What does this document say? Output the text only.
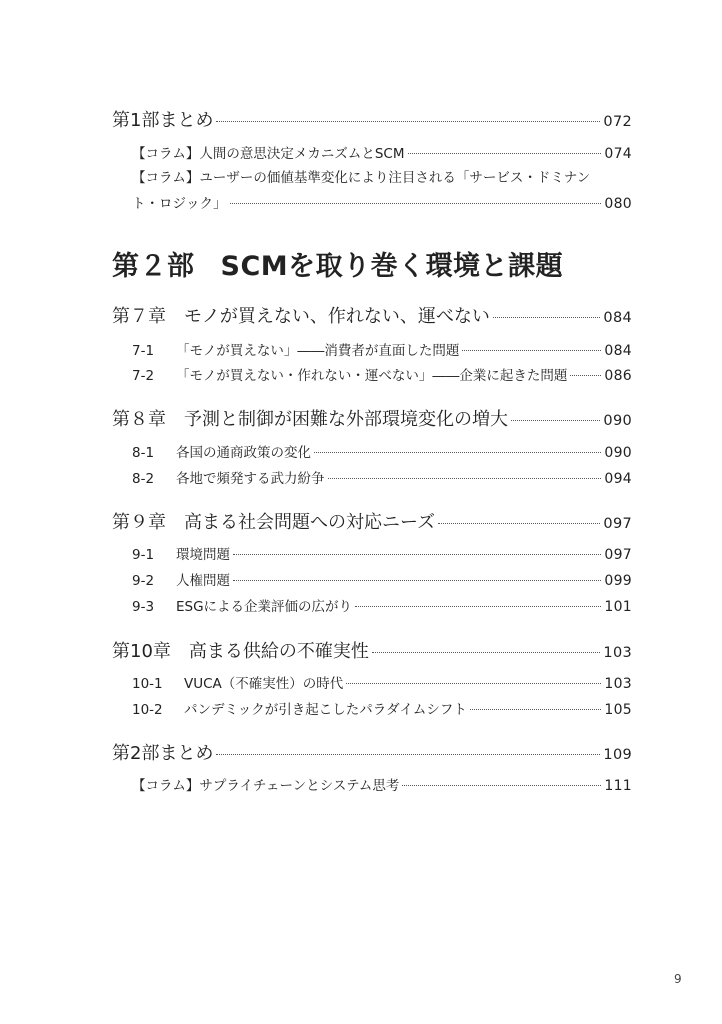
第1部まとめ	072
【コラム】人間の意思決定メカニズムとSCM	074
【コラム】ユーザーの価値基準変化により注目される「サービス・ドミナン
ト・ロジック」	080
第２部 SCMを取り巻く環境と課題
第７章 モノが買えない、作れない、運べない	084
7-1	「モノが買えない」――消費者が直面した問題	084
7-2	「モノが買えない・作れない・運べない」――企業に起きた問題	086
第８章 予測と制御が困難な外部環境変化の増大	090
8-1	各国の通商政策の変化	090
8-2	各地で頻発する武力紛争	094
第９章 高まる社会問題への対応ニーズ	097
9-1	環境問題	097
9-2	人権問題	099
9-3	ESGによる企業評価の広がり	101
第10章 高まる供給の不確実性	103
10-1	VUCA（不確実性）の時代	103
10-2	パンデミックが引き起こしたパラダイムシフト	105
第2部まとめ	109
【コラム】サプライチェーンとシステム思考	111
9
